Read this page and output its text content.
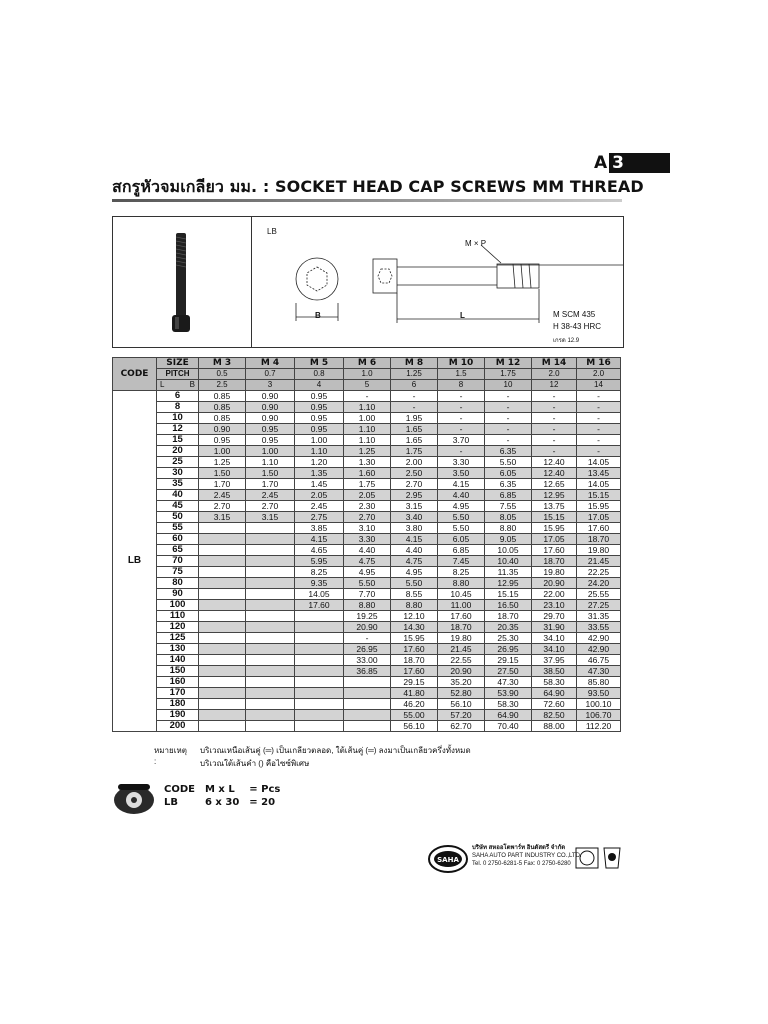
A 3
สกรูหัวจมเกลียว มม. : SOCKET HEAD CAP SCREWS MM THREAD
LB
M × P
B	L	M SCM 435
H 38-43 HRC
เกรด 12.9
CODE	SIZE	M 3	M 4	M 5	M 6	M 8	M 10	M 12	M 14	M 16
	PITCH	0.5	0.7	0.8	1.0	1.25	1.5	1.75	2.0	2.0

	L B	2.5	3	4	5	6	8	10	12	14
LB	6	0.85	0.90	0.95	-	-	-	-	-	-
	8	0.85	0.90	0.95	1.10	-	-	-	-	-
	10	0.85	0.90	0.95	1.00	1.95	-	-	-	-
	12	0.90	0.95	0.95	1.10	1.65	-	-	-	-
	15	0.95	0.95	1.00	1.10	1.65	3.70	-	-	-
	20	1.00	1.00	1.10	1.25	1.75	-	6.35	-	-
	25	1.25	1.10	1.20	1.30	2.00	3.30	5.50	12.40	14.05
	30	1.50	1.50	1.35	1.60	2.50	3.50	6.05	12.40	13.45
	35	1.70	1.70	1.45	1.75	2.70	4.15	6.35	12.65	14.05
	40	2.45	2.45	2.05	2.05	2.95	4.40	6.85	12.95	15.15
	45	2.70	2.70	2.45	2.30	3.15	4.95	7.55	13.75	15.95
	50	3.15	3.15	2.75	2.70	3.40	5.50	8.05	15.15	17.05
	55			3.85	3.10	3.80	5.50	8.80	15.95	17.60
	60			4.15	3.30	4.15	6.05	9.05	17.05	18.70
	65			4.65	4.40	4.40	6.85	10.05	17.60	19.80
	70			5.95	4.75	4.75	7.45	10.40	18.70	21.45
	75			8.25	4.95	4.95	8.25	11.35	19.80	22.25
	80			9.35	5.50	5.50	8.80	12.95	20.90	24.20
	90			14.05	7.70	8.55	10.45	15.15	22.00	25.55
	100			17.60	8.80	8.80	11.00	16.50	23.10	27.25
	110				19.25	12.10	17.60	18.70	29.70	31.35
	120				20.90	14.30	18.70	20.35	31.90	33.55
	125				-	15.95	19.80	25.30	34.10	42.90
	130				26.95	17.60	21.45	26.95	34.10	42.90
	140				33.00	18.70	22.55	29.15	37.95	46.75
	150				36.85	17.60	20.90	27.50	38.50	47.30
	160					29.15	35.20	47.30	58.30	85.80
	170					41.80	52.80	53.90	64.90	93.50
	180					46.20	56.10	58.30	72.60	100.10
	190					55.00	57.20	64.90	82.50	106.70
	200					56.10	62.70	70.40	88.00	112.20
หมายเหตุ :
บริเวณเหนือเส้นคู่ (═) เป็นเกลียวตลอด, ใต้เส้นคู่ (═) ลงมาเป็นเกลียวครึ่งทั้งหมด
บริเวณใต้เส้นคำ () คือไซซ์พิเศษ
CODE	M x L	= Pcs
LB	6 x 30	= 20
SAHA
บริษัท สหออโตพาร์ท อินดัสตรี จำกัด
SAHA AUTO PART INDUSTRY CO.,LTD.
Tel. 0 2750-6281-5 Fax: 0 2750-6280
